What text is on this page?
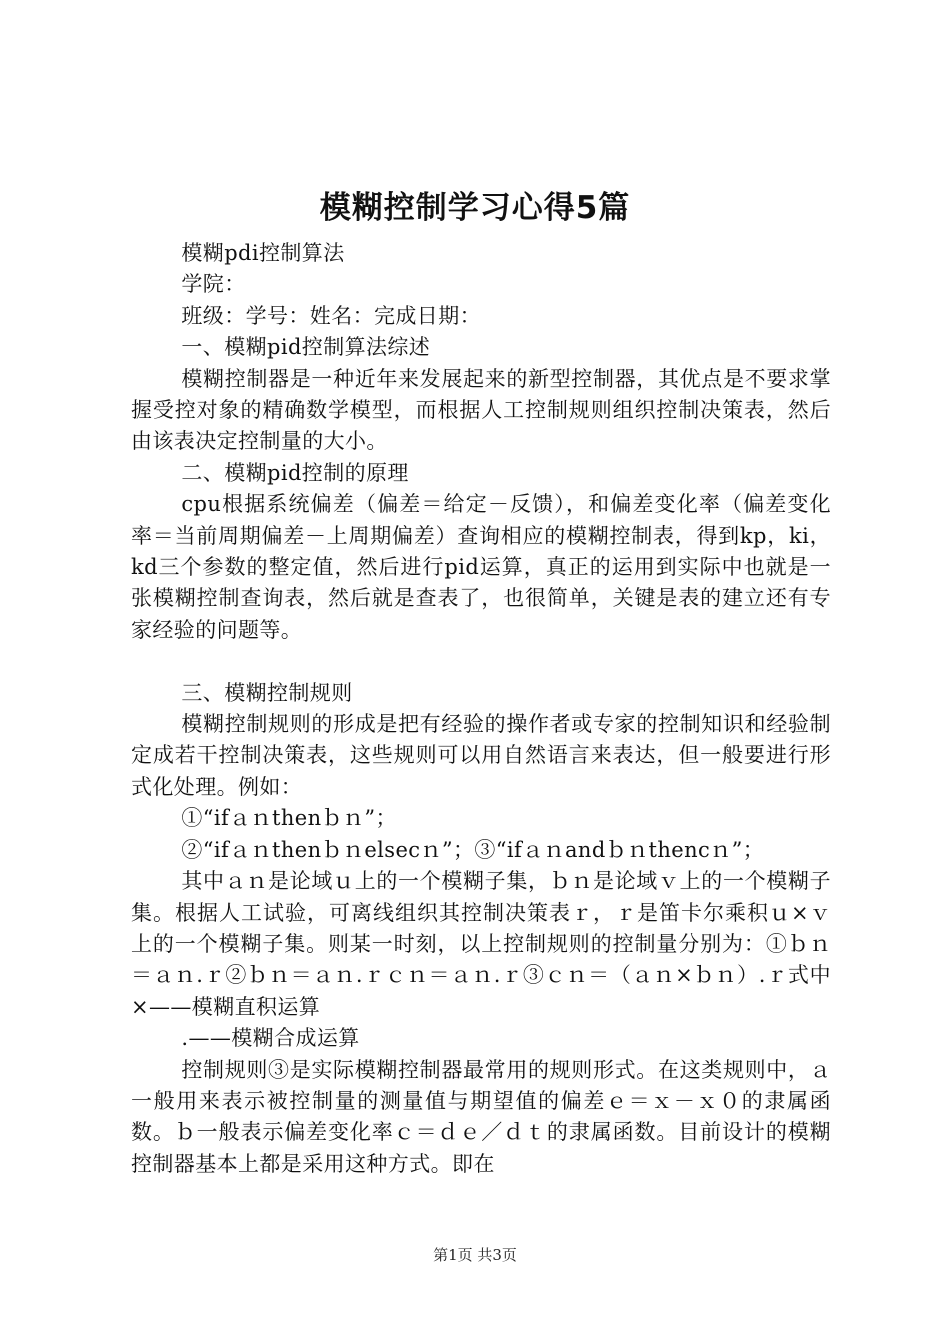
模糊控制学习心得5篇

模糊pdi控制算法

学院：

班级：学号：姓名：完成日期：

一、模糊pid控制算法综述

模糊控制器是一种近年来发展起来的新型控制器，其优点是不要求掌握受控对象的精确数学模型，而根据人工控制规则组织控制决策表，然后由该表决定控制量的大小。

二、模糊pid控制的原理

cpu根据系统偏差（偏差＝给定－反馈），和偏差变化率（偏差变化率＝当前周期偏差－上周期偏差）查询相应的模糊控制表，得到kp，ki，kd三个参数的整定值，然后进行pid运算，真正的运用到实际中也就是一张模糊控制查询表，然后就是查表了，也很简单，关键是表的建立还有专家经验的问题等。

三、模糊控制规则

模糊控制规则的形成是把有经验的操作者或专家的控制知识和经验制定成若干控制决策表，这些规则可以用自然语言来表达，但一般要进行形式化处理。例如：

①“ifａｎthenｂｎ”；

②“ifａｎthenｂｎelsecｎ”；③“ifａｎandｂｎthencｎ”；

其中ａｎ是论域ｕ上的一个模糊子集，ｂｎ是论域ｖ上的一个模糊子集。根据人工试验，可离线组织其控制决策表ｒ，ｒ是笛卡尔乘积ｕ×ｖ上的一个模糊子集。则某一时刻，以上控制规则的控制量分别为：①ｂｎ＝ａｎ.ｒ②ｂｎ＝ａｎ.ｒｃｎ＝ａｎ.ｒ③ｃｎ＝（ａｎ×ｂｎ）.ｒ式中×——模糊直积运算

.——模糊合成运算

控制规则③是实际模糊控制器最常用的规则形式。在这类规则中，ａ一般用来表示被控制量的测量值与期望值的偏差ｅ＝ｘ－ｘ０的隶属函数。ｂ一般表示偏差变化率ｃ＝ｄｅ／ｄｔ的隶属函数。目前设计的模糊控制器基本上都是采用这种方式。即在

第1页 共3页
